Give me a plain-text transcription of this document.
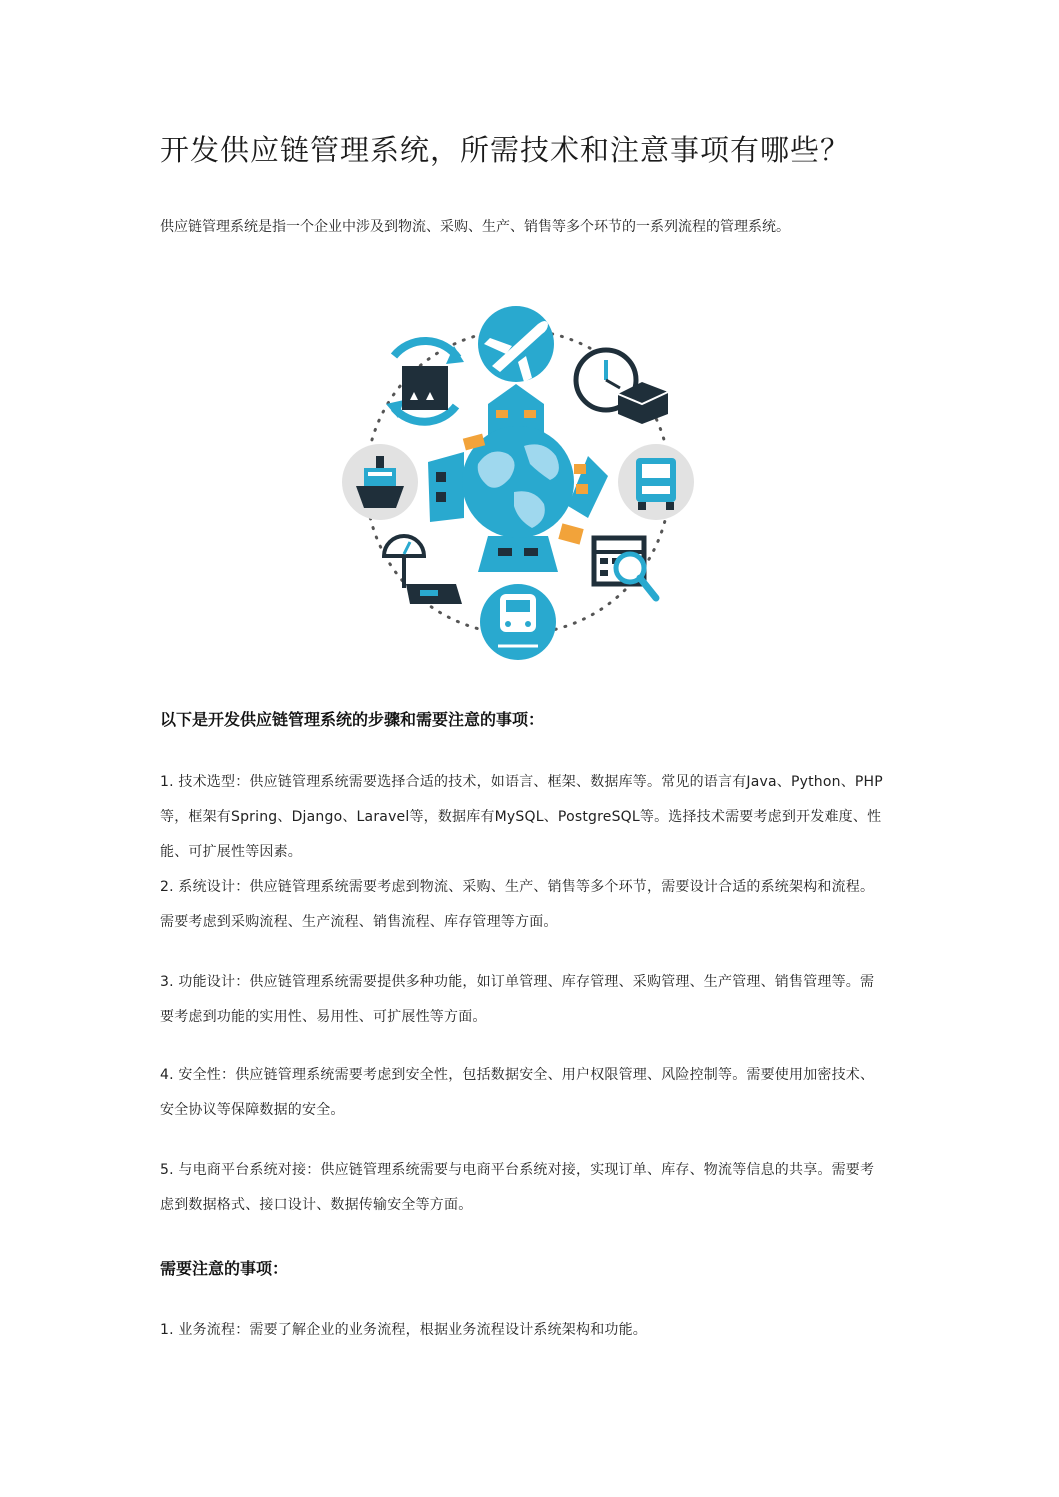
开发供应链管理系统，所需技术和注意事项有哪些？
供应链管理系统是指一个企业中涉及到物流、采购、生产、销售等多个环节的一系列流程的管理系统。
以下是开发供应链管理系统的步骤和需要注意的事项：

1. 技术选型：供应链管理系统需要选择合适的技术，如语言、框架、数据库等。常见的语言有Java、Python、PHP等，框架有Spring、Django、Laravel等，数据库有MySQL、PostgreSQL等。选择技术需要考虑到开发难度、性能、可扩展性等因素。

2. 系统设计：供应链管理系统需要考虑到物流、采购、生产、销售等多个环节，需要设计合适的系统架构和流程。需要考虑到采购流程、生产流程、销售流程、库存管理等方面。

3. 功能设计：供应链管理系统需要提供多种功能，如订单管理、库存管理、采购管理、生产管理、销售管理等。需要考虑到功能的实用性、易用性、可扩展性等方面。

4. 安全性：供应链管理系统需要考虑到安全性，包括数据安全、用户权限管理、风险控制等。需要使用加密技术、安全协议等保障数据的安全。

5. 与电商平台系统对接：供应链管理系统需要与电商平台系统对接，实现订单、库存、物流等信息的共享。需要考虑到数据格式、接口设计、数据传输安全等方面。

需要注意的事项：

1. 业务流程：需要了解企业的业务流程，根据业务流程设计系统架构和功能。
